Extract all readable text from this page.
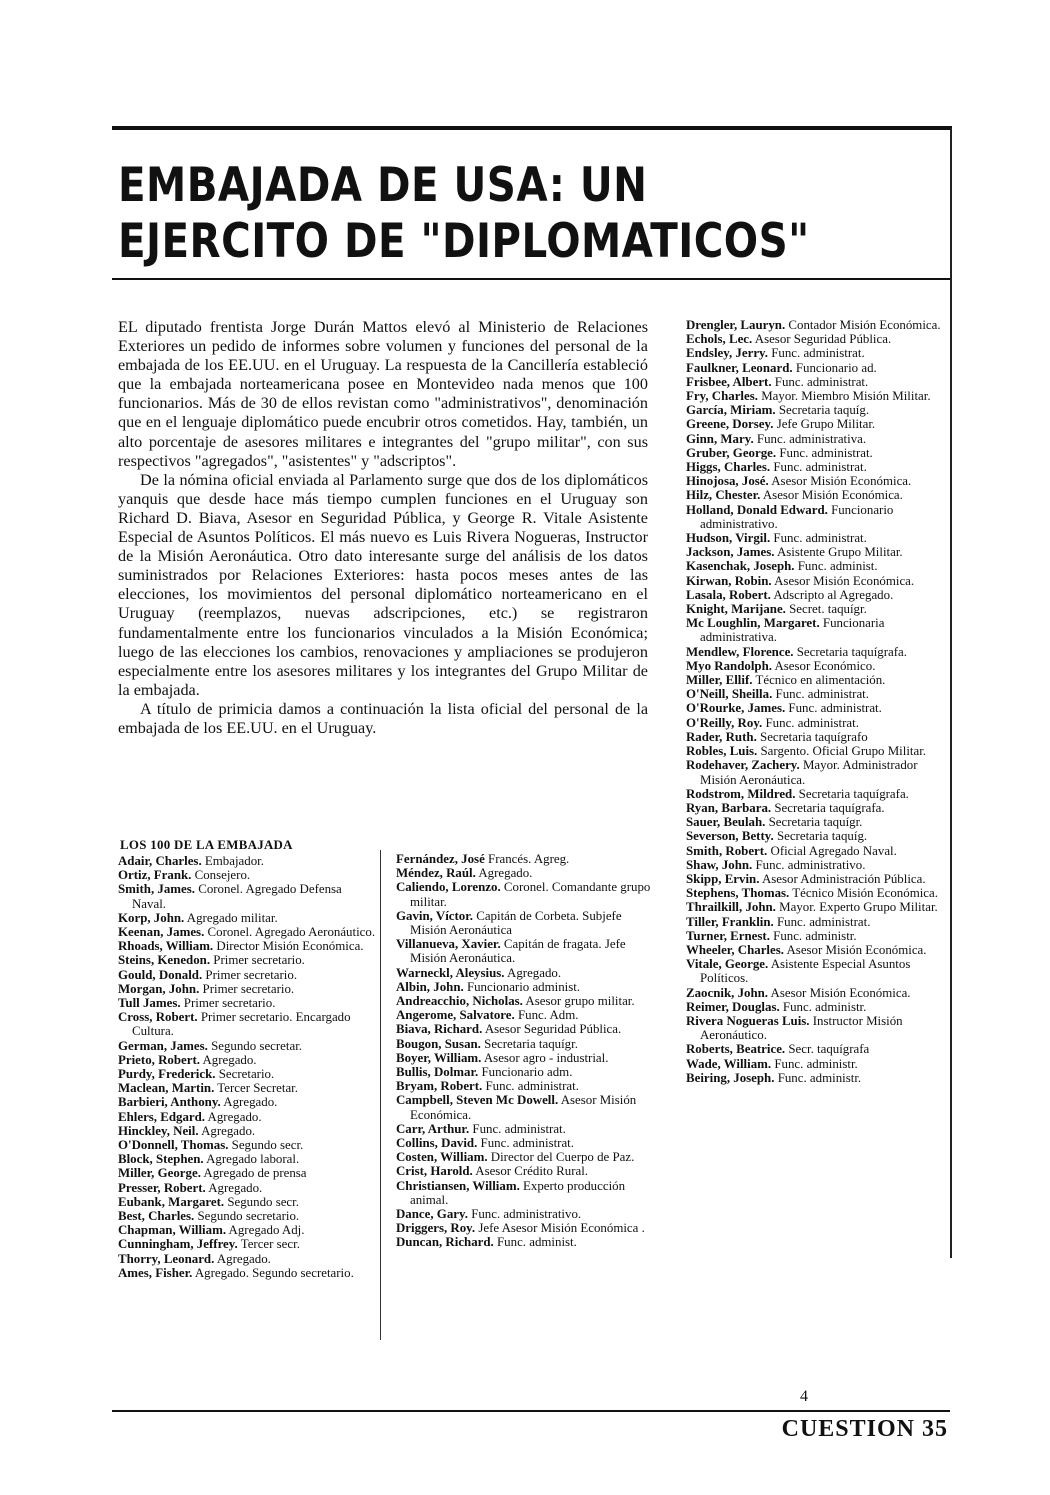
EMBAJADA DE USA: UN
EJERCITO DE "DIPLOMATICOS"

EL diputado frentista Jorge Durán Mattos elevó al Ministerio de Relaciones Exteriores un pedido de informes sobre volumen y funciones del personal de la embajada de los EE.UU. en el Uruguay. La respuesta de la Cancillería estableció que la embajada norteamericana posee en Montevideo nada menos que 100 funcionarios. Más de 30 de ellos revistan como "administrativos", denominación que en el lenguaje diplomático puede encubrir otros cometidos. Hay, también, un alto porcentaje de asesores militares e integrantes del "grupo militar", con sus respectivos "agregados", "asistentes" y "adscriptos".

De la nómina oficial enviada al Parlamento surge que dos de los diplomáticos yanquis que desde hace más tiempo cumplen funciones en el Uruguay son Richard D. Biava, Asesor en Seguridad Pública, y George R. Vitale Asistente Especial de Asuntos Políticos. El más nuevo es Luis Rivera Nogueras, Instructor de la Misión Aeronáutica. Otro dato interesante surge del análisis de los datos suministrados por Relaciones Exteriores: hasta pocos meses antes de las elecciones, los movimientos del personal diplomático norteamericano en el Uruguay (reemplazos, nuevas adscripciones, etc.) se registraron fundamentalmente entre los funcionarios vinculados a la Misión Económica; luego de las elecciones los cambios, renovaciones y ampliaciones se produjeron especialmente entre los asesores militares y los integrantes del Grupo Militar de la embajada.

A título de primicia damos a continuación la lista oficial del personal de la embajada de los EE.UU. en el Uruguay.

LOS 100 DE LA EMBAJADA
Adair, Charles. Embajador.
Ortiz, Frank. Consejero.
Smith, James. Coronel. Agregado Defensa Naval.
Korp, John. Agregado militar.
Keenan, James. Coronel. Agregado Aeronáutico.
Rhoads, William. Director Misión Económica.
Steins, Kenedon. Primer secretario.
Gould, Donald. Primer secretario.
Morgan, John. Primer secretario.
Tull James. Primer secretario.
Cross, Robert. Primer secretario. Encargado Cultura.
German, James. Segundo secretar.
Prieto, Robert. Agregado.
Purdy, Frederick. Secretario.
Maclean, Martin. Tercer Secretar.
Barbieri, Anthony. Agregado.
Ehlers, Edgard. Agregado.
Hinckley, Neil. Agregado.
O'Donnell, Thomas. Segundo secr.
Block, Stephen. Agregado laboral.
Miller, George. Agregado de prensa
Presser, Robert. Agregado.
Eubank, Margaret. Segundo secr.
Best, Charles. Segundo secretario.
Chapman, William. Agregado Adj.
Cunningham, Jeffrey. Tercer secr.
Thorry, Leonard. Agregado.
Ames, Fisher. Agregado. Segundo secretario.
Fernández, José Francés. Agreg.
Méndez, Raúl. Agregado.
Caliendo, Lorenzo. Coronel. Comandante grupo militar.
Gavin, Víctor. Capitán de Corbeta. Subjefe Misión Aeronáutica
Villanueva, Xavier. Capitán de fragata. Jefe Misión Aeronáutica.
Warneckl, Aleysius. Agregado.
Albin, John. Funcionario administ.
Andreacchio, Nicholas. Asesor grupo militar.
Angerome, Salvatore. Func. Adm.
Biava, Richard. Asesor Seguridad Pública.
Bougon, Susan. Secretaria taquígr.
Boyer, William. Asesor agro - industrial.
Bullis, Dolmar. Funcionario adm.
Bryam, Robert. Func. administrat.
Campbell, Steven Mc Dowell. Asesor Misión Económica.
Carr, Arthur. Func. administrat.
Collins, David. Func. administrat.
Costen, William. Director del Cuerpo de Paz.
Crist, Harold. Asesor Crédito Rural.
Christiansen, William. Experto producción animal.
Dance, Gary. Func. administrativo.
Driggers, Roy. Jefe Asesor Misión Económica .
Duncan, Richard. Func. administ.
Drengler, Lauryn. Contador Misión Económica.
Echols, Lec. Asesor Seguridad Pública.
Endsley, Jerry. Func. administrat.
Faulkner, Leonard. Funcionario ad.
Frisbee, Albert. Func. administrat.
Fry, Charles. Mayor. Miembro Misión Militar.
García, Miriam. Secretaria taquíg.
Greene, Dorsey. Jefe Grupo Militar.
Ginn, Mary. Func. administrativa.
Gruber, George. Func. administrat.
Higgs, Charles. Func. administrat.
Hinojosa, José. Asesor Misión Económica.
Hilz, Chester. Asesor Misión Económica.
Holland, Donald Edward. Funcionario administrativo.
Hudson, Virgil. Func. administrat.
Jackson, James. Asistente Grupo Militar.
Kasenchak, Joseph. Func. administ.
Kirwan, Robin. Asesor Misión Económica.
Lasala, Robert. Adscripto al Agregado.
Knight, Marijane. Secret. taquígr.
Mc Loughlin, Margaret. Funcionaria administrativa.
Mendlew, Florence. Secretaria taquígrafa.
Myo Randolph. Asesor Económico.
Miller, Ellif. Técnico en alimentación.
O'Neill, Sheilla. Func. administrat.
O'Rourke, James. Func. administrat.
O'Reilly, Roy. Func. administrat.
Rader, Ruth. Secretaria taquígrafo
Robles, Luis. Sargento. Oficial Grupo Militar.
Rodehaver, Zachery. Mayor. Administrador Misión Aeronáutica.
Rodstrom, Mildred. Secretaria taquígrafa.
Ryan, Barbara. Secretaria taquígrafa.
Sauer, Beulah. Secretaria taquígr.
Severson, Betty. Secretaria taquíg.
Smith, Robert. Oficial Agregado Naval.
Shaw, John. Func. administrativo.
Skipp, Ervin. Asesor Administración Pública.
Stephens, Thomas. Técnico Misión Económica.
Thrailkill, John. Mayor. Experto Grupo Militar.
Tiller, Franklin. Func. administrat.
Turner, Ernest. Func. administr.
Wheeler, Charles. Asesor Misión Económica.
Vitale, George. Asistente Especial Asuntos Políticos.
Zaocnik, John. Asesor Misión Económica.
Reimer, Douglas. Func. administr.
Rivera Nogueras Luis. Instructor Misión Aeronáutico.
Roberts, Beatrice. Secr. taquígrafa
Wade, William. Func. administr.
Beiring, Joseph. Func. administr.
4
CUESTION 35
